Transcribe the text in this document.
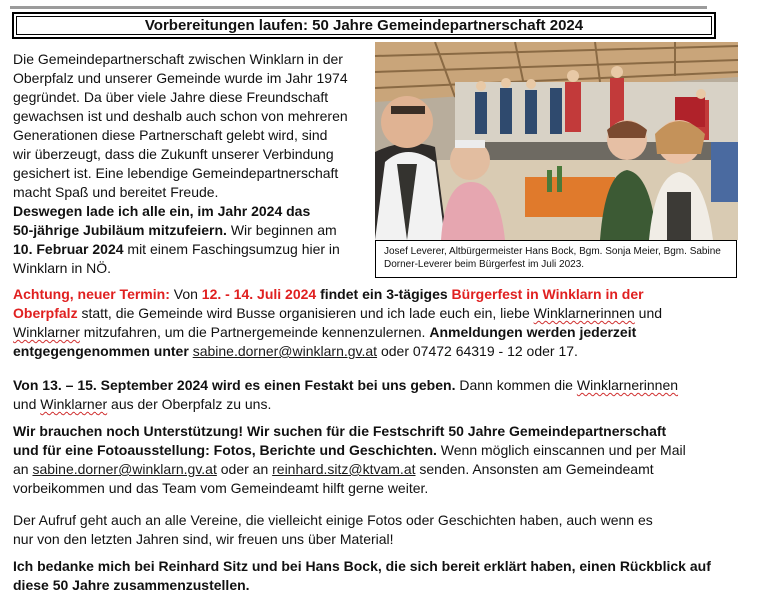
Vorbereitungen laufen: 50 Jahre Gemeindepartnerschaft 2024
Die Gemeindepartnerschaft zwischen Winklarn in der
Oberpfalz und unserer Gemeinde wurde im Jahr 1974
gegründet. Da über viele Jahre diese Freundschaft
gewachsen ist und deshalb auch schon von mehreren
Generationen diese Partnerschaft gelebt wird, sind
wir überzeugt, dass die Zukunft unserer Verbindung
gesichert ist. Eine lebendige Gemeindepartnerschaft
macht Spaß und bereitet Freude.
Deswegen lade ich alle ein, im Jahr 2024 das
50-jährige Jubiläum mitzufeiern. Wir beginnen am
10. Februar 2024 mit einem Faschingsumzug hier in
Winklarn in NÖ.
Josef Leverer, Altbürgermeister Hans Bock, Bgm. Sonja Meier, Bgm. Sabine Dorner-Leverer beim Bürgerfest im Juli 2023.
Achtung, neuer Termin: Von 12. - 14. Juli 2024 findet ein 3-tägiges Bürgerfest in Winklarn in der
Oberpfalz statt, die Gemeinde wird Busse organisieren und ich lade euch ein, liebe Winklarnerinnen und
Winklarner mitzufahren, um die Partnergemeinde kennenzulernen. Anmeldungen werden jederzeit
entgegengenommen unter sabine.dorner@winklarn.gv.at oder 07472 64319 - 12 oder 17.
Von 13. – 15. September 2024 wird es einen Festakt bei uns geben. Dann kommen die Winklarnerinnen
und Winklarner aus der Oberpfalz zu uns.
Wir brauchen noch Unterstützung! Wir suchen für die Festschrift 50 Jahre Gemeindepartnerschaft
und für eine Fotoausstellung: Fotos, Berichte und Geschichten. Wenn möglich einscannen und per Mail
an sabine.dorner@winklarn.gv.at oder an reinhard.sitz@ktvam.at senden. Ansonsten am Gemeindeamt
vorbeikommen und das Team vom Gemeindeamt hilft gerne weiter.
Der Aufruf geht auch an alle Vereine, die vielleicht einige Fotos oder Geschichten haben, auch wenn es
nur von den letzten Jahren sind, wir freuen uns über Material!
Ich bedanke mich bei Reinhard Sitz und bei Hans Bock, die sich bereit erklärt haben, einen Rückblick auf
diese 50 Jahre zusammenzustellen.
